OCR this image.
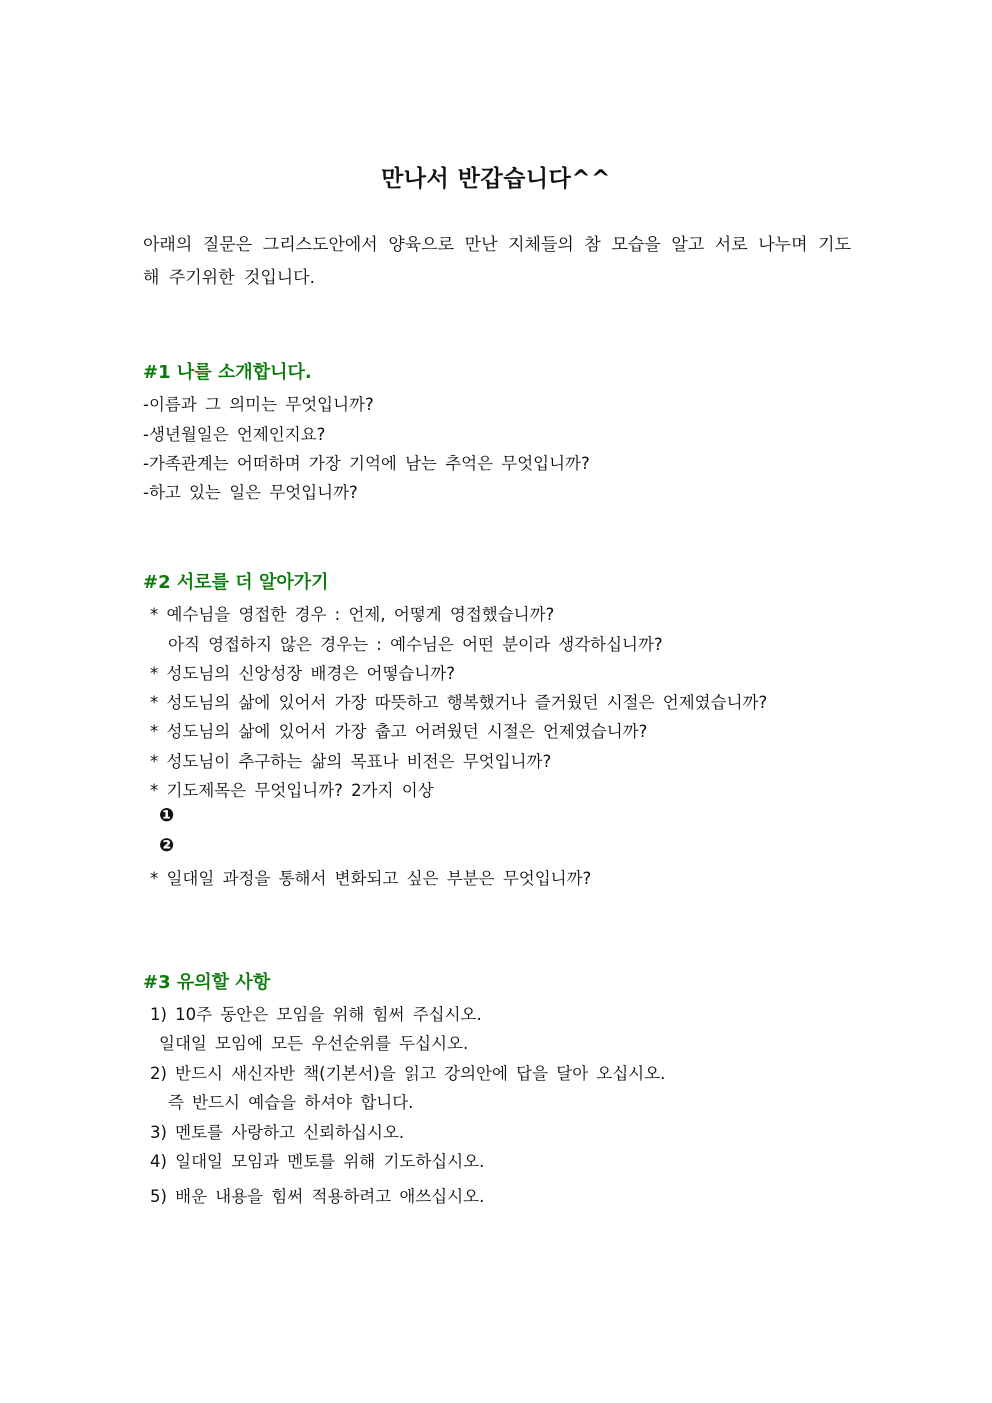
만나서 반갑습니다^^
아래의 질문은 그리스도안에서 양육으로 만난 지체들의 참 모습을 알고 서로 나누며 기도해 주기위한 것입니다.
#1 나를 소개합니다.
-이름과 그 의미는 무엇입니까?
-생년월일은 언제인지요?
-가족관계는 어떠하며 가장 기억에 남는 추억은 무엇입니까?
-하고 있는 일은 무엇입니까?
#2 서로를 더 알아가기
* 예수님을 영접한 경우 : 언제, 어떻게 영접했습니까?
아직 영접하지 않은 경우는 : 예수님은 어떤 분이라 생각하십니까?
* 성도님의 신앙성장 배경은 어떻습니까?
* 성도님의 삶에 있어서 가장 따뜻하고 행복했거나 즐거웠던 시절은 언제였습니까?
* 성도님의 삶에 있어서 가장 춥고 어려웠던 시절은 언제였습니까?
* 성도님이 추구하는 삶의 목표나 비전은 무엇입니까?
* 기도제목은 무엇입니까? 2가지 이상
❶
❷
* 일대일 과정을 통해서 변화되고 싶은 부분은 무엇입니까?
#3 유의할 사항
1) 10주 동안은 모임을 위해 힘써 주십시오.
일대일 모임에 모든 우선순위를 두십시오.
2) 반드시 새신자반 책(기본서)을 읽고 강의안에 답을 달아 오십시오.
즉 반드시 예습을 하셔야 합니다.
3) 멘토를 사랑하고 신뢰하십시오.
4) 일대일 모임과 멘토를 위해 기도하십시오.
5) 배운 내용을 힘써 적용하려고 애쓰십시오.
